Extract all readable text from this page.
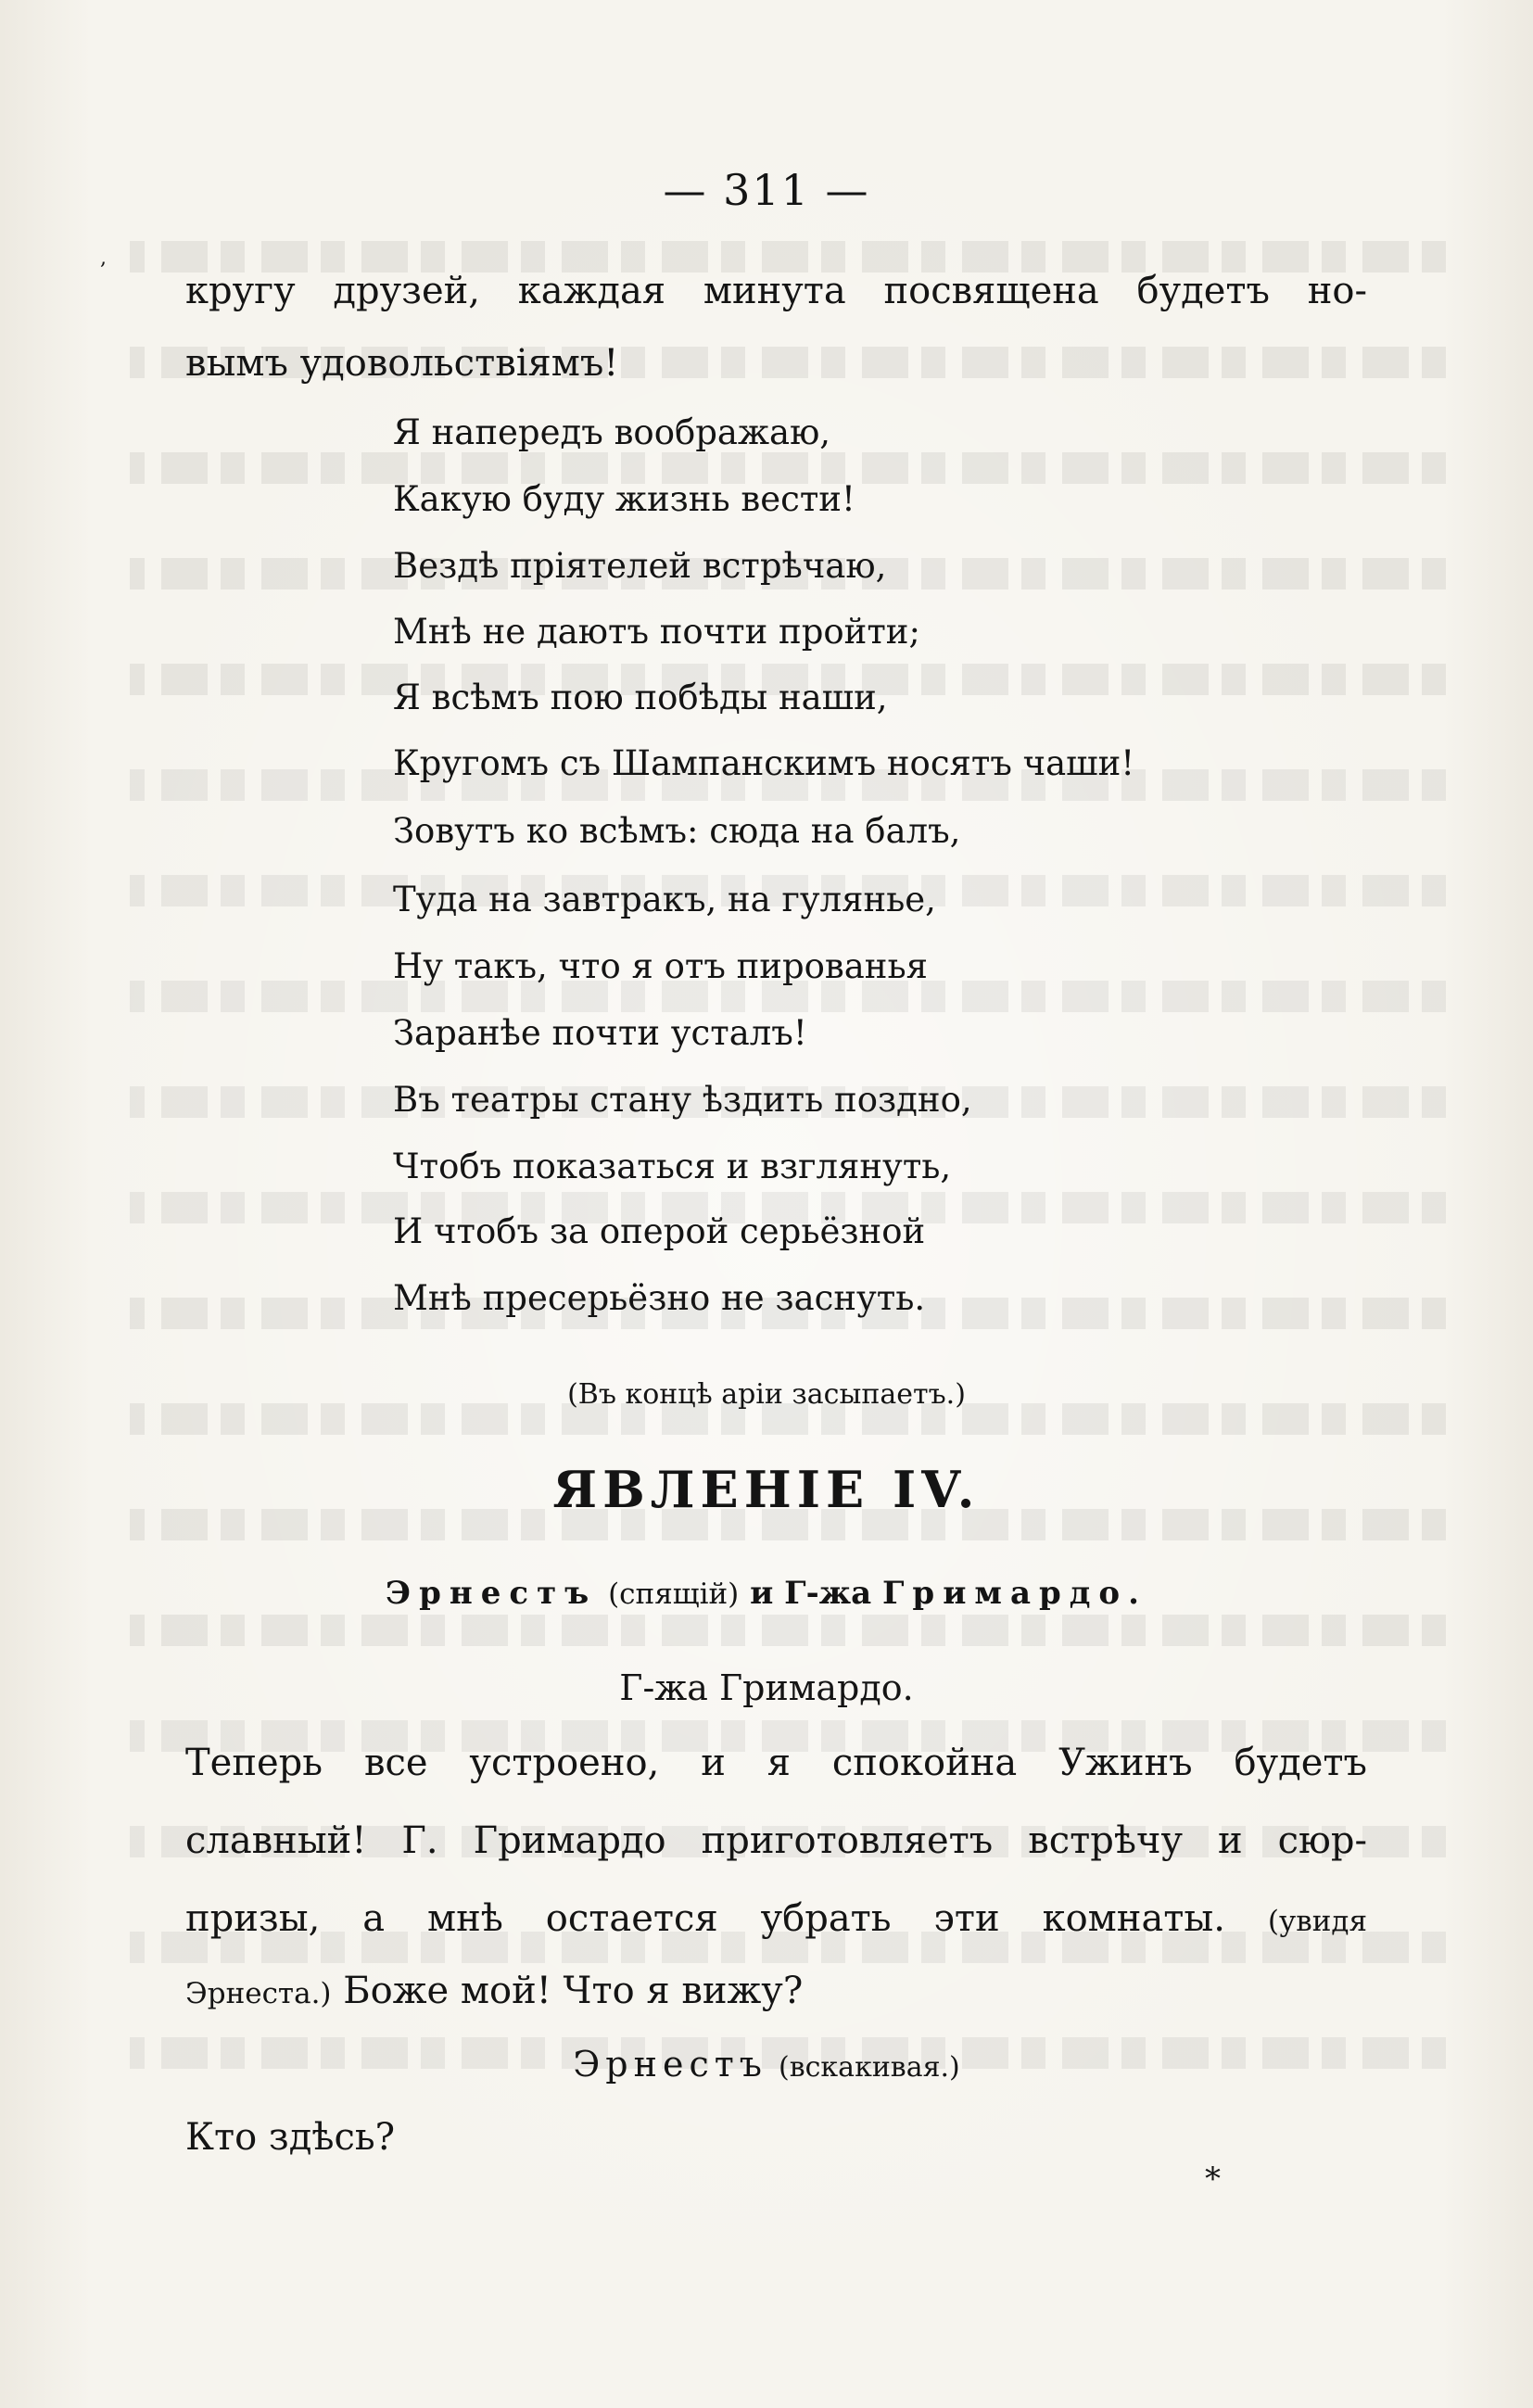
— 311 —
,
кругу друзей, каждая минута посвящена будетъ но-
вымъ удовольствіямъ!
Я напередъ воображаю,
Какую буду жизнь вести!
Вездѣ пріятелей встрѣчаю,
Мнѣ не даютъ почти пройти;
Я всѣмъ пою побѣды наши,
Кругомъ съ Шампанскимъ носятъ чаши!
Зовутъ ко всѣмъ: сюда на балъ,
Туда на завтракъ, на гулянье,
Ну такъ, что я отъ пированья
Заранѣе почти усталъ!
Въ театры стану ѣздить поздно,
Чтобъ показаться и взглянуть,
И чтобъ за оперой серьёзной
Мнѣ пресерьёзно не заснуть.
(Въ концѣ аріи засыпаетъ.)
ЯВЛЕНІЕ IV.
Эрнестъ (спящій) и Г-жа Гримардо.
Г-жа Гримардо.
Теперь все устроено, и я спокойна Ужинъ будетъ
славный! Г. Гримардо приготовляетъ встрѣчу и сюр-
призы, а мнѣ остается убрать эти комнаты. (увидя
Эрнеста.) Боже мой! Что я вижу?
Эрнестъ (вскакивая.)
Кто здѣсь?
*
